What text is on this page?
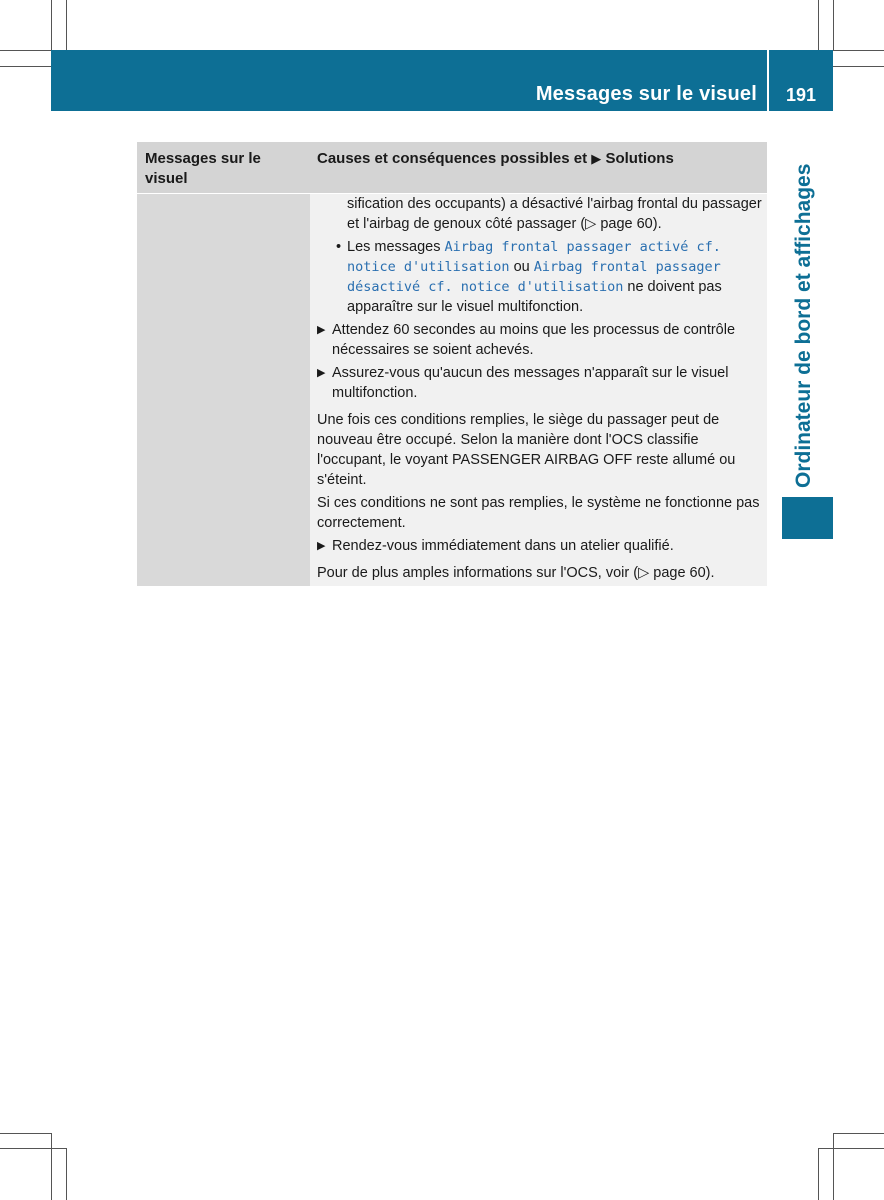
Messages sur le visuel	191
Ordinateur de bord et affichages
Messages sur le visuel
Causes et conséquences possibles et ▶ Solutions

sification des occupants) a désactivé l'airbag frontal du passager et l'airbag de genoux côté passager (▷ page 60).

• Les messages Airbag frontal passager activé cf. notice d'utilisation ou Airbag frontal passager désactivé cf. notice d'utilisation ne doivent pas apparaître sur le visuel multifonction.

▶ Attendez 60 secondes au moins que les processus de contrôle nécessaires se soient achevés.

▶ Assurez-vous qu'aucun des messages n'apparaît sur le visuel multifonction.

Une fois ces conditions remplies, le siège du passager peut de nouveau être occupé. Selon la manière dont l'OCS classifie l'occupant, le voyant PASSENGER AIRBAG OFF reste allumé ou s'éteint.

Si ces conditions ne sont pas remplies, le système ne fonctionne pas correctement.

▶ Rendez-vous immédiatement dans un atelier qualifié.

Pour de plus amples informations sur l'OCS, voir (▷ page 60).
